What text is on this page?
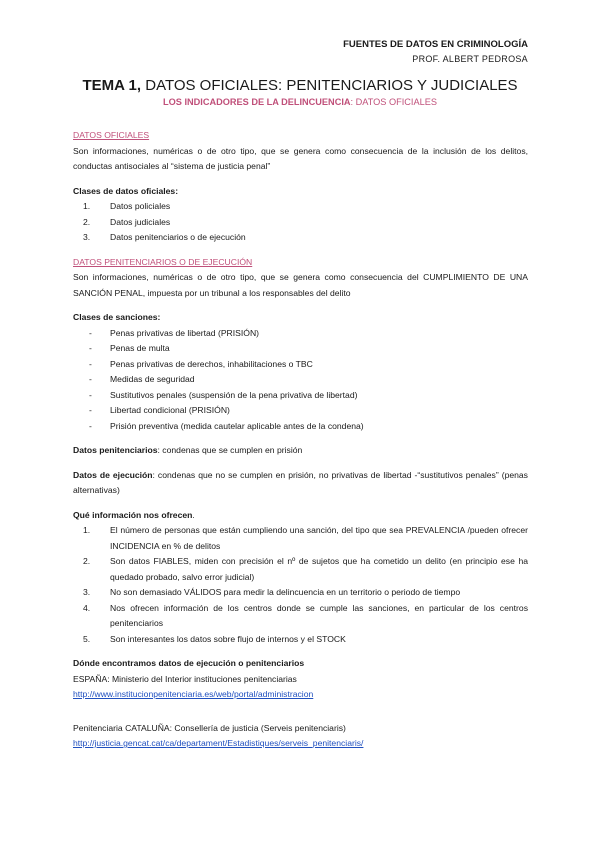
FUENTES DE DATOS EN CRIMINOLOGÍA
PROF. ALBERT PEDROSA
TEMA 1, DATOS OFICIALES: PENITENCIARIOS Y JUDICIALES
LOS INDICADORES DE LA DELINCUENCIA: DATOS OFICIALES

DATOS OFICIALES

Son informaciones, numéricas o de otro tipo, que se genera como consecuencia de la inclusión de los delitos, conductas antisociales al “sistema de justicia penal”

Clases de datos oficiales:

1.	Datos policiales
2.	Datos judiciales
3.	Datos penitenciarios o de ejecución

DATOS PENITENCIARIOS O DE EJECUCIÓN

Son informaciones, numéricas o de otro tipo, que se genera como consecuencia del CUMPLIMIENTO DE UNA SANCIÓN PENAL, impuesta por un tribunal a los responsables del delito

Clases de sanciones:

-	Penas privativas de libertad (PRISIÓN)
-	Penas de multa
-	Penas privativas de derechos, inhabilitaciones o TBC
-	Medidas de seguridad
-	Sustitutivos penales (suspensión de la pena privativa de libertad)
-	Libertad condicional (PRISIÓN)
-	Prisión preventiva (medida cautelar aplicable antes de la condena)

Datos penitenciarios: condenas que se cumplen en prisión

Datos de ejecución: condenas que no se cumplen en prisión, no privativas de libertad -“sustitutivos penales” (penas alternativas)

Qué información nos ofrecen.

1.	El número de personas que están cumpliendo una sanción, del tipo que sea PREVALENCIA /pueden ofrecer INCIDENCIA en % de delitos
2.	Son datos FIABLES, miden con precisión el nº de sujetos que ha cometido un delito (en principio ese ha quedado probado, salvo error judicial)
3.	No son demasiado VÁLIDOS para medir la delincuencia en un territorio o periodo de tiempo
4.	Nos ofrecen información de los centros donde se cumple las sanciones, en particular de los centros penitenciarios
5.	Son interesantes los datos sobre flujo de internos y el STOCK

Dónde encontramos datos de ejecución o penitenciarios

ESPAÑA: Ministerio del Interior instituciones penitenciarias

http://www.institucionpenitenciaria.es/web/portal/administracion

Penitenciaria CATALUÑA: Consellería de justicia (Serveis penitenciaris)

http://justicia.gencat.cat/ca/departament/Estadistiques/serveis_penitenciaris/
